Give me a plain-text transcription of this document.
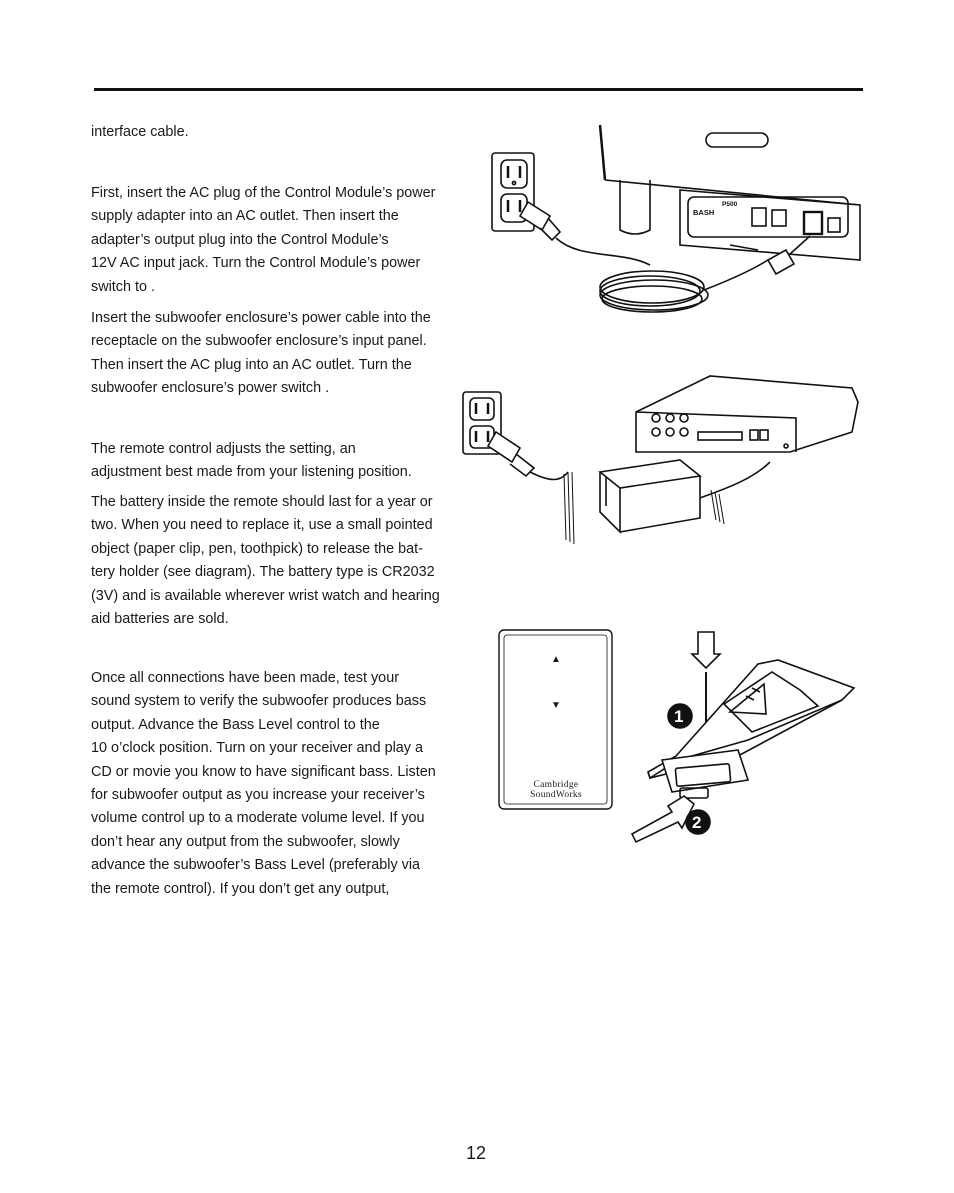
interface cable.

First, insert the AC plug of the Control Module’s power
supply adapter into an AC outlet. Then insert the
adapter’s output plug into the Control Module’s
12V AC input jack. Turn the Control Module’s power
switch to .

Insert the subwoofer enclosure’s power cable into the
receptacle on the subwoofer enclosure’s input panel.
Then insert the AC plug into an AC outlet. Turn the
subwoofer enclosure’s power switch .

The remote control adjusts the setting, an
adjustment best made from your listening position.

The battery inside the remote should last for a year or
two. When you need to replace it, use a small pointed
object (paper clip, pen, toothpick) to release the bat-
tery holder (see diagram). The battery type is CR2032
(3V) and is available wherever wrist watch and hearing
aid batteries are sold.

Once all connections have been made, test your
sound system to verify the subwoofer produces bass
output. Advance the Bass Level control to the
10 o’clock position. Turn on your receiver and play a
CD or movie you know to have significant bass. Listen
for subwoofer output as you increase your receiver’s
volume control up to a moderate volume level. If you
don’t hear any output from the subwoofer, slowly
advance the subwoofer’s Bass Level (preferably via
the remote control). If you don’t get any output,

P500
BASH
▲
▼
Cambridge
SoundWorks
1
2
12
